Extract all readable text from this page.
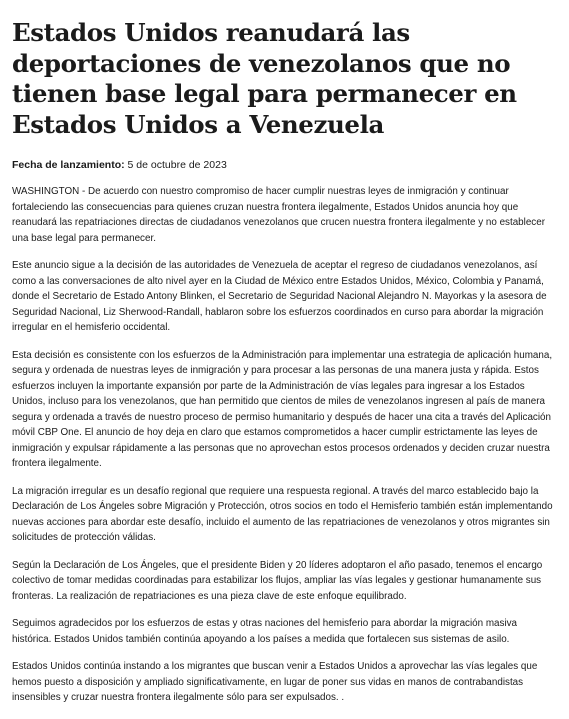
Estados Unidos reanudará las deportaciones de venezolanos que no tienen base legal para permanecer en Estados Unidos a Venezuela
Fecha de lanzamiento: 5 de octubre de 2023

WASHINGTON - De acuerdo con nuestro compromiso de hacer cumplir nuestras leyes de inmigración y continuar fortaleciendo las consecuencias para quienes cruzan nuestra frontera ilegalmente, Estados Unidos anuncia hoy que reanudará las repatriaciones directas de ciudadanos venezolanos que crucen nuestra frontera ilegalmente y no establecer una base legal para permanecer.

Este anuncio sigue a la decisión de las autoridades de Venezuela de aceptar el regreso de ciudadanos venezolanos, así como a las conversaciones de alto nivel ayer en la Ciudad de México entre Estados Unidos, México, Colombia y Panamá, donde el Secretario de Estado Antony Blinken, el Secretario de Seguridad Nacional Alejandro N. Mayorkas y la asesora de Seguridad Nacional, Liz Sherwood-Randall, hablaron sobre los esfuerzos coordinados en curso para abordar la migración irregular en el hemisferio occidental.

Esta decisión es consistente con los esfuerzos de la Administración para implementar una estrategia de aplicación humana, segura y ordenada de nuestras leyes de inmigración y para procesar a las personas de una manera justa y rápida. Estos esfuerzos incluyen la importante expansión por parte de la Administración de vías legales para ingresar a los Estados Unidos, incluso para los venezolanos, que han permitido que cientos de miles de venezolanos ingresen al país de manera segura y ordenada a través de nuestro proceso de permiso humanitario y después de hacer una cita a través del Aplicación móvil CBP One. El anuncio de hoy deja en claro que estamos comprometidos a hacer cumplir estrictamente las leyes de inmigración y expulsar rápidamente a las personas que no aprovechan estos procesos ordenados y deciden cruzar nuestra frontera ilegalmente.

La migración irregular es un desafío regional que requiere una respuesta regional. A través del marco establecido bajo la Declaración de Los Ángeles sobre Migración y Protección, otros socios en todo el Hemisferio también están implementando nuevas acciones para abordar este desafío, incluido el aumento de las repatriaciones de venezolanos y otros migrantes sin solicitudes de protección válidas.

Según la Declaración de Los Ángeles, que el presidente Biden y 20 líderes adoptaron el año pasado, tenemos el encargo colectivo de tomar medidas coordinadas para estabilizar los flujos, ampliar las vías legales y gestionar humanamente sus fronteras. La realización de repatriaciones es una pieza clave de este enfoque equilibrado.

Seguimos agradecidos por los esfuerzos de estas y otras naciones del hemisferio para abordar la migración masiva histórica. Estados Unidos también continúa apoyando a los países a medida que fortalecen sus sistemas de asilo.

Estados Unidos continúa instando a los migrantes que buscan venir a Estados Unidos a aprovechar las vías legales que hemos puesto a disposición y ampliado significativamente, en lugar de poner sus vidas en manos de contrabandistas insensibles y cruzar nuestra frontera ilegalmente sólo para ser expulsados. .
